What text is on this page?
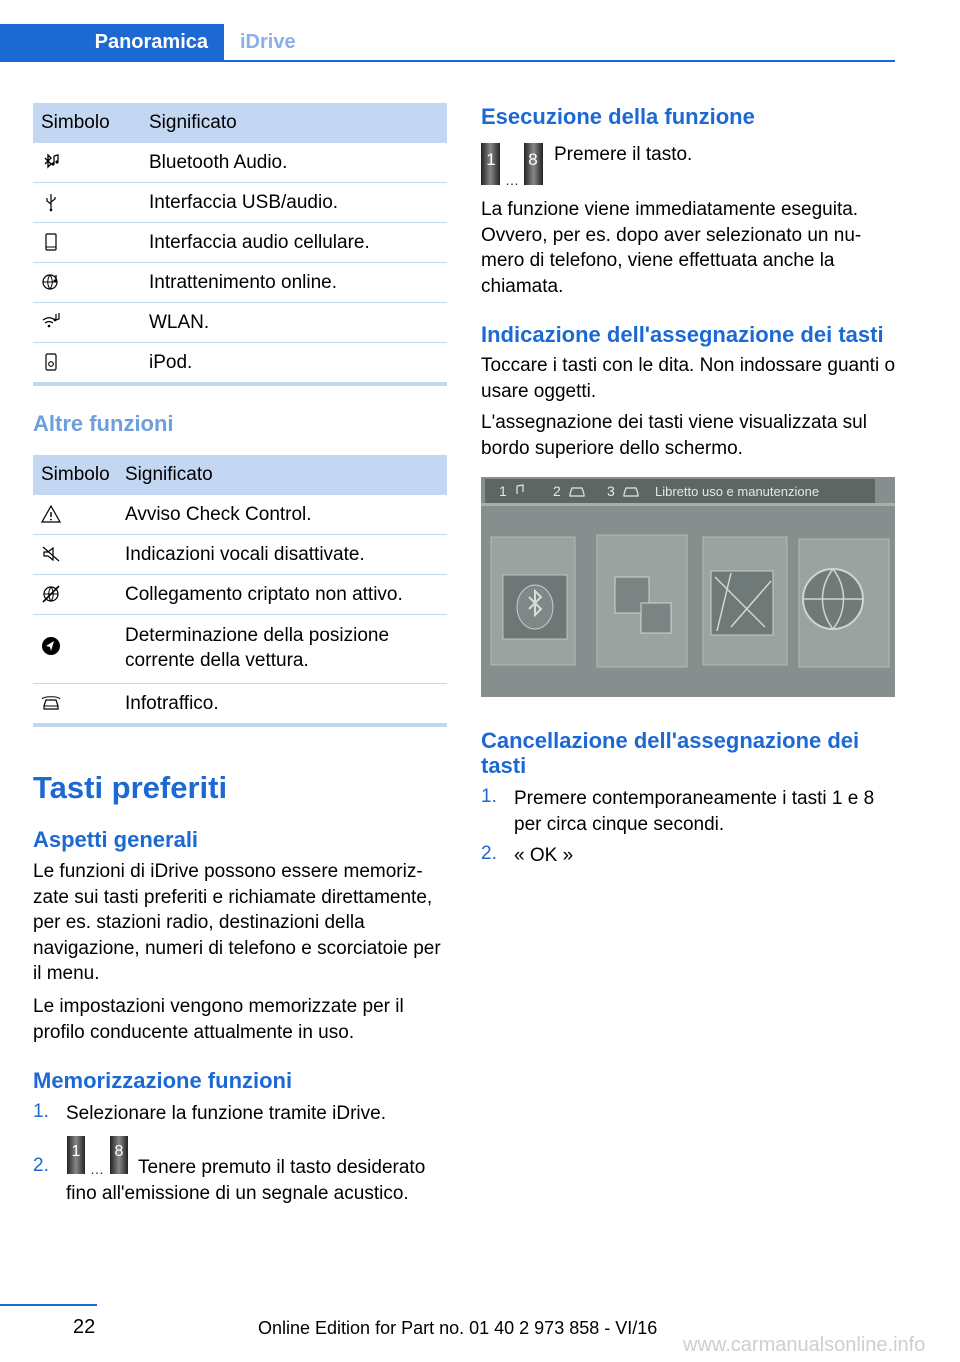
Panoramica	iDrive
Simbolo	Significato
	Bluetooth Audio.
	Interfaccia USB/audio.
	Interfaccia audio cellulare.
	Intrattenimento online.
	WLAN.
	iPod.
Altre funzioni
Simbolo	Significato
	Avviso Check Control.
	Indicazioni vocali disattivate.
	Collegamento criptato non attivo.
	Determinazione della posizione corrente della vettura.
	Infotraffico.
Tasti preferiti
Aspetti generali
Le funzioni di iDrive possono essere memorizzate sui tasti preferiti e richiamate direttamente, per es. stazioni radio, destinazioni della navigazione, numeri di telefono e scorciatoie per il menu.
Le impostazioni vengono memorizzate per il profilo conducente attualmente in uso.
Memorizzazione funzioni
1. Selezionare la funzione tramite iDrive.
2.
1
…
8
Tenere premuto il tasto desiderato fino all'emissione di un segnale acustico.
Esecuzione della funzione
1
…
8 Premere il tasto.
La funzione viene immediatamente eseguita. Ovvero, per es. dopo aver selezionato un numero di telefono, viene effettuata anche la chiamata.
Indicazione dell'assegnazione dei tasti
Toccare i tasti con le dita. Non indossare guanti o usare oggetti.
L'assegnazione dei tasti viene visualizzata sul bordo superiore dello schermo.
1	2	3	Libretto uso e manutenzione
Cancellazione dell'assegnazione dei tasti
1. Premere contemporaneamente i tasti 1 e 8 per circa cinque secondi.
2. « OK »
22	Online Edition for Part no. 01 40 2 973 858 - VI/16
www.carmanualsonline.info
